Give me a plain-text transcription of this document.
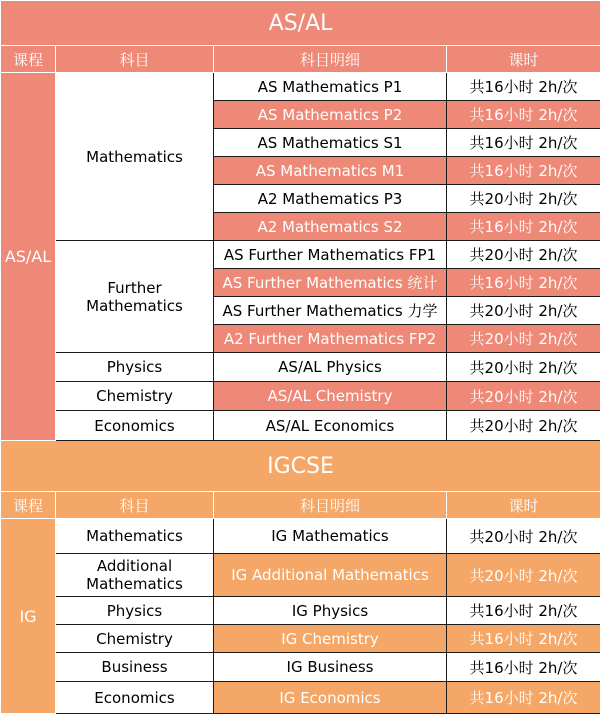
AS/AL			
课程	科目	科目明细	课时
AS/AL	Mathematics	AS Mathematics P1	共16小时 2h/次
		AS Mathematics P2	共16小时 2h/次
		AS Mathematics S1	共16小时 2h/次
		AS Mathematics M1	共16小时 2h/次
		A2 Mathematics P3	共20小时 2h/次
		A2 Mathematics S2	共16小时 2h/次
	Further Mathematics	AS Further Mathematics FP1	共20小时 2h/次
		AS Further Mathematics 统计	共16小时 2h/次
		AS Further Mathematics 力学	共20小时 2h/次
		A2 Further Mathematics FP2	共20小时 2h/次
	Physics	AS/AL Physics	共20小时 2h/次
	Chemistry	AS/AL Chemistry	共20小时 2h/次
	Economics	AS/AL Economics	共20小时 2h/次
IGCSE			
课程	科目	科目明细	课时
IG	Mathematics	IG Mathematics	共20小时 2h/次
	Additional Mathematics	IG Additional Mathematics	共20小时 2h/次
	Physics	IG Physics	共16小时 2h/次
	Chemistry	IG Chemistry	共16小时 2h/次
	Business	IG Business	共16小时 2h/次
	Economics	IG Economics	共16小时 2h/次
